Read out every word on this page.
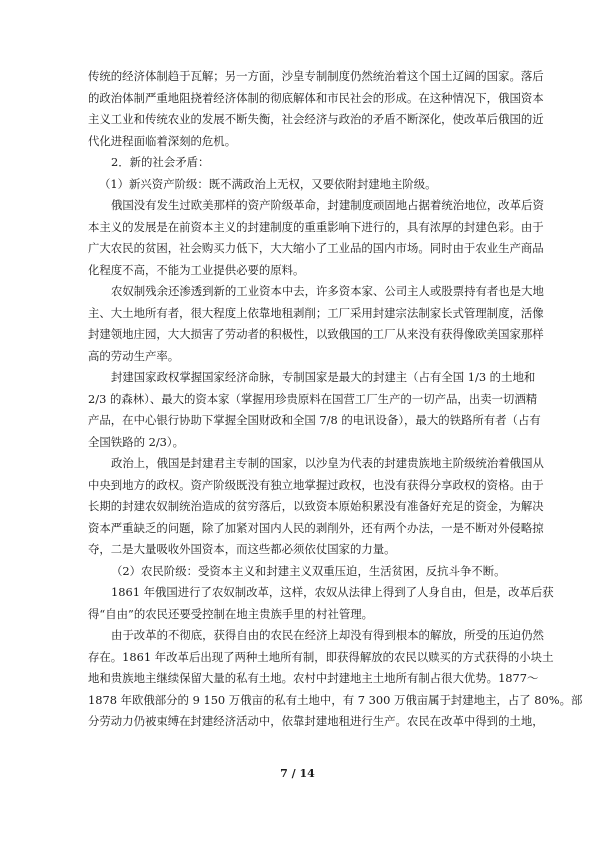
传统的经济体制趋于瓦解；另一方面，沙皇专制制度仍然统治着这个国土辽阔的国家。落后
的政治体制严重地阻挠着经济体制的彻底解体和市民社会的形成。在这种情况下，俄国资本
主义工业和传统农业的发展不断失衡，社会经济与政治的矛盾不断深化，使改革后俄国的近
代化进程面临着深刻的危机。
2．新的社会矛盾：
（1）新兴资产阶级：既不满政治上无权，又要依附封建地主阶级。
俄国没有发生过欧美那样的资产阶级革命，封建制度顽固地占据着统治地位，改革后资
本主义的发展是在前资本主义的封建制度的重重影响下进行的，具有浓厚的封建色彩。由于
广大农民的贫困，社会购买力低下，大大缩小了工业品的国内市场。同时由于农业生产商品
化程度不高，不能为工业提供必要的原料。
农奴制残余还渗透到新的工业资本中去，许多资本家、公司主人或股票持有者也是大地
主、大土地所有者，很大程度上依靠地租剥削；工厂采用封建宗法制家长式管理制度，活像
封建领地庄园，大大损害了劳动者的积极性，以致俄国的工厂从来没有获得像欧美国家那样
高的劳动生产率。
封建国家政权掌握国家经济命脉，专制国家是最大的封建主（占有全国 1/3 的土地和
2/3 的森林）、最大的资本家（掌握用珍贵原料在国营工厂生产的一切产品，出卖一切酒精
产品，在中心银行协助下掌握全国财政和全国 7/8 的电讯设备），最大的铁路所有者（占有
全国铁路的 2/3）。
政治上，俄国是封建君主专制的国家，以沙皇为代表的封建贵族地主阶级统治着俄国从
中央到地方的政权。资产阶级既没有独立地掌握过政权，也没有获得分享政权的资格。由于
长期的封建农奴制统治造成的贫穷落后，以致资本原始积累没有准备好充足的资金，为解决
资本严重缺乏的问题，除了加紧对国内人民的剥削外，还有两个办法，一是不断对外侵略掠
夺，二是大量吸收外国资本，而这些都必须依仗国家的力量。
（2）农民阶级：受资本主义和封建主义双重压迫，生活贫困，反抗斗争不断。
1861 年俄国进行了农奴制改革，这样，农奴从法律上得到了人身自由，但是，改革后获
得“自由”的农民还要受控制在地主贵族手里的村社管理。
由于改革的不彻底，获得自由的农民在经济上却没有得到根本的解放，所受的压迫仍然
存在。1861 年改革后出现了两种土地所有制，即获得解放的农民以赎买的方式获得的小块土
地和贵族地主继续保留大量的私有土地。农村中封建地主土地所有制占很大优势。1877～
1878 年欧俄部分的 9 150 万俄亩的私有土地中，有 7 300 万俄亩属于封建地主，占了 80%。部
分劳动力仍被束缚在封建经济活动中，依靠封建地租进行生产。农民在改革中得到的土地，
7 / 14
